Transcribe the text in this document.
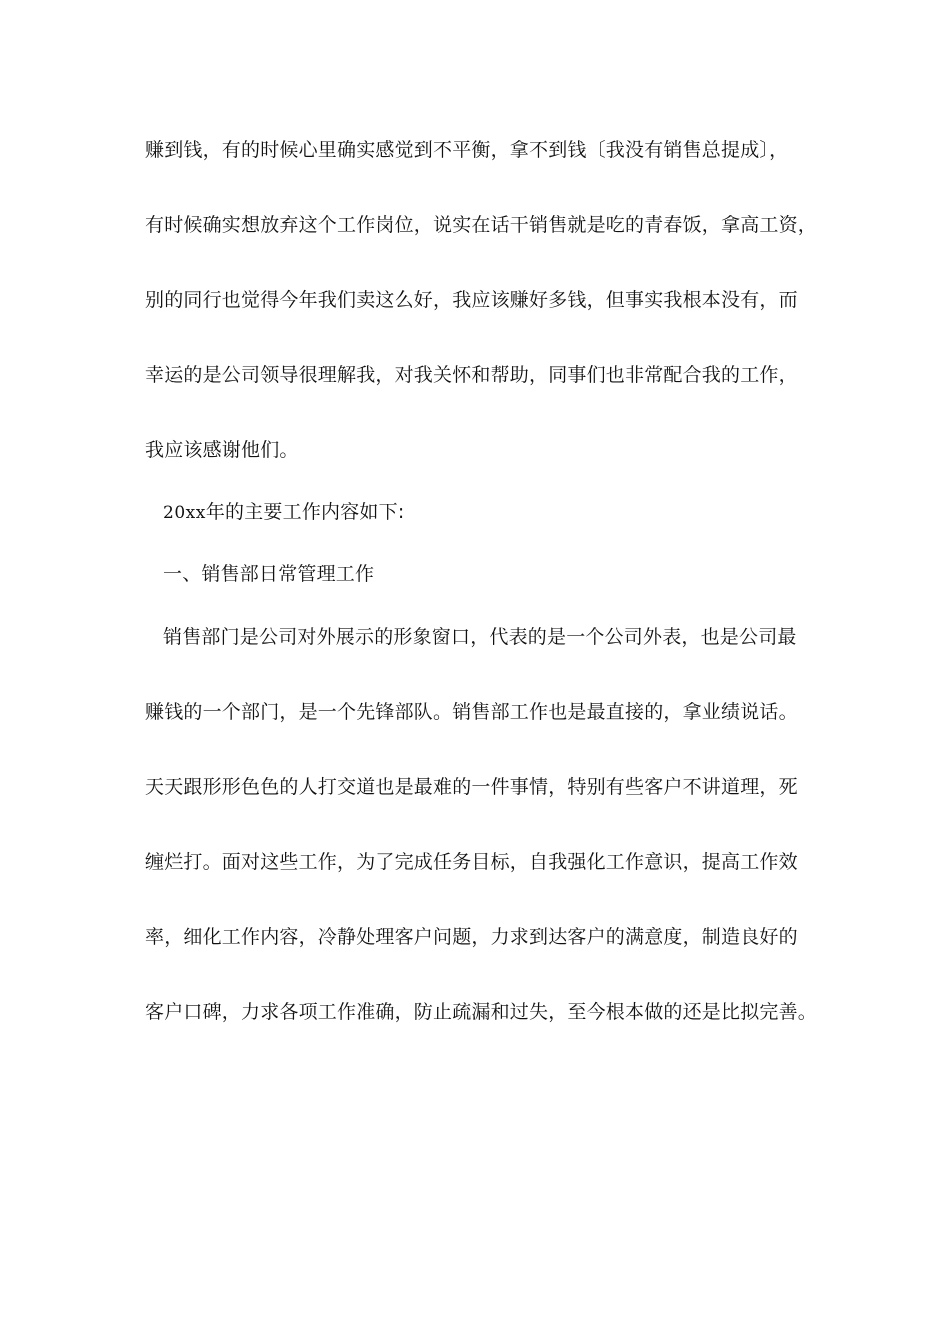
赚到钱，有的时候心里确实感觉到不平衡，拿不到钱〔我没有销售总提成〕，
有时候确实想放弃这个工作岗位，说实在话干销售就是吃的青春饭，拿高工资，
别的同行也觉得今年我们卖这么好，我应该赚好多钱，但事实我根本没有，而
幸运的是公司领导很理解我，对我关怀和帮助，同事们也非常配合我的工作，
我应该感谢他们。
20xx年的主要工作内容如下:
一、销售部日常管理工作
销售部门是公司对外展示的形象窗口，代表的是一个公司外表，也是公司最
赚钱的一个部门，是一个先锋部队。销售部工作也是最直接的，拿业绩说话。
天天跟形形色色的人打交道也是最难的一件事情，特别有些客户不讲道理，死
缠烂打。面对这些工作，为了完成任务目标，自我强化工作意识，提高工作效
率，细化工作内容，冷静处理客户问题，力求到达客户的满意度，制造良好的
客户口碑，力求各项工作准确，防止疏漏和过失，至今根本做的还是比拟完善。
